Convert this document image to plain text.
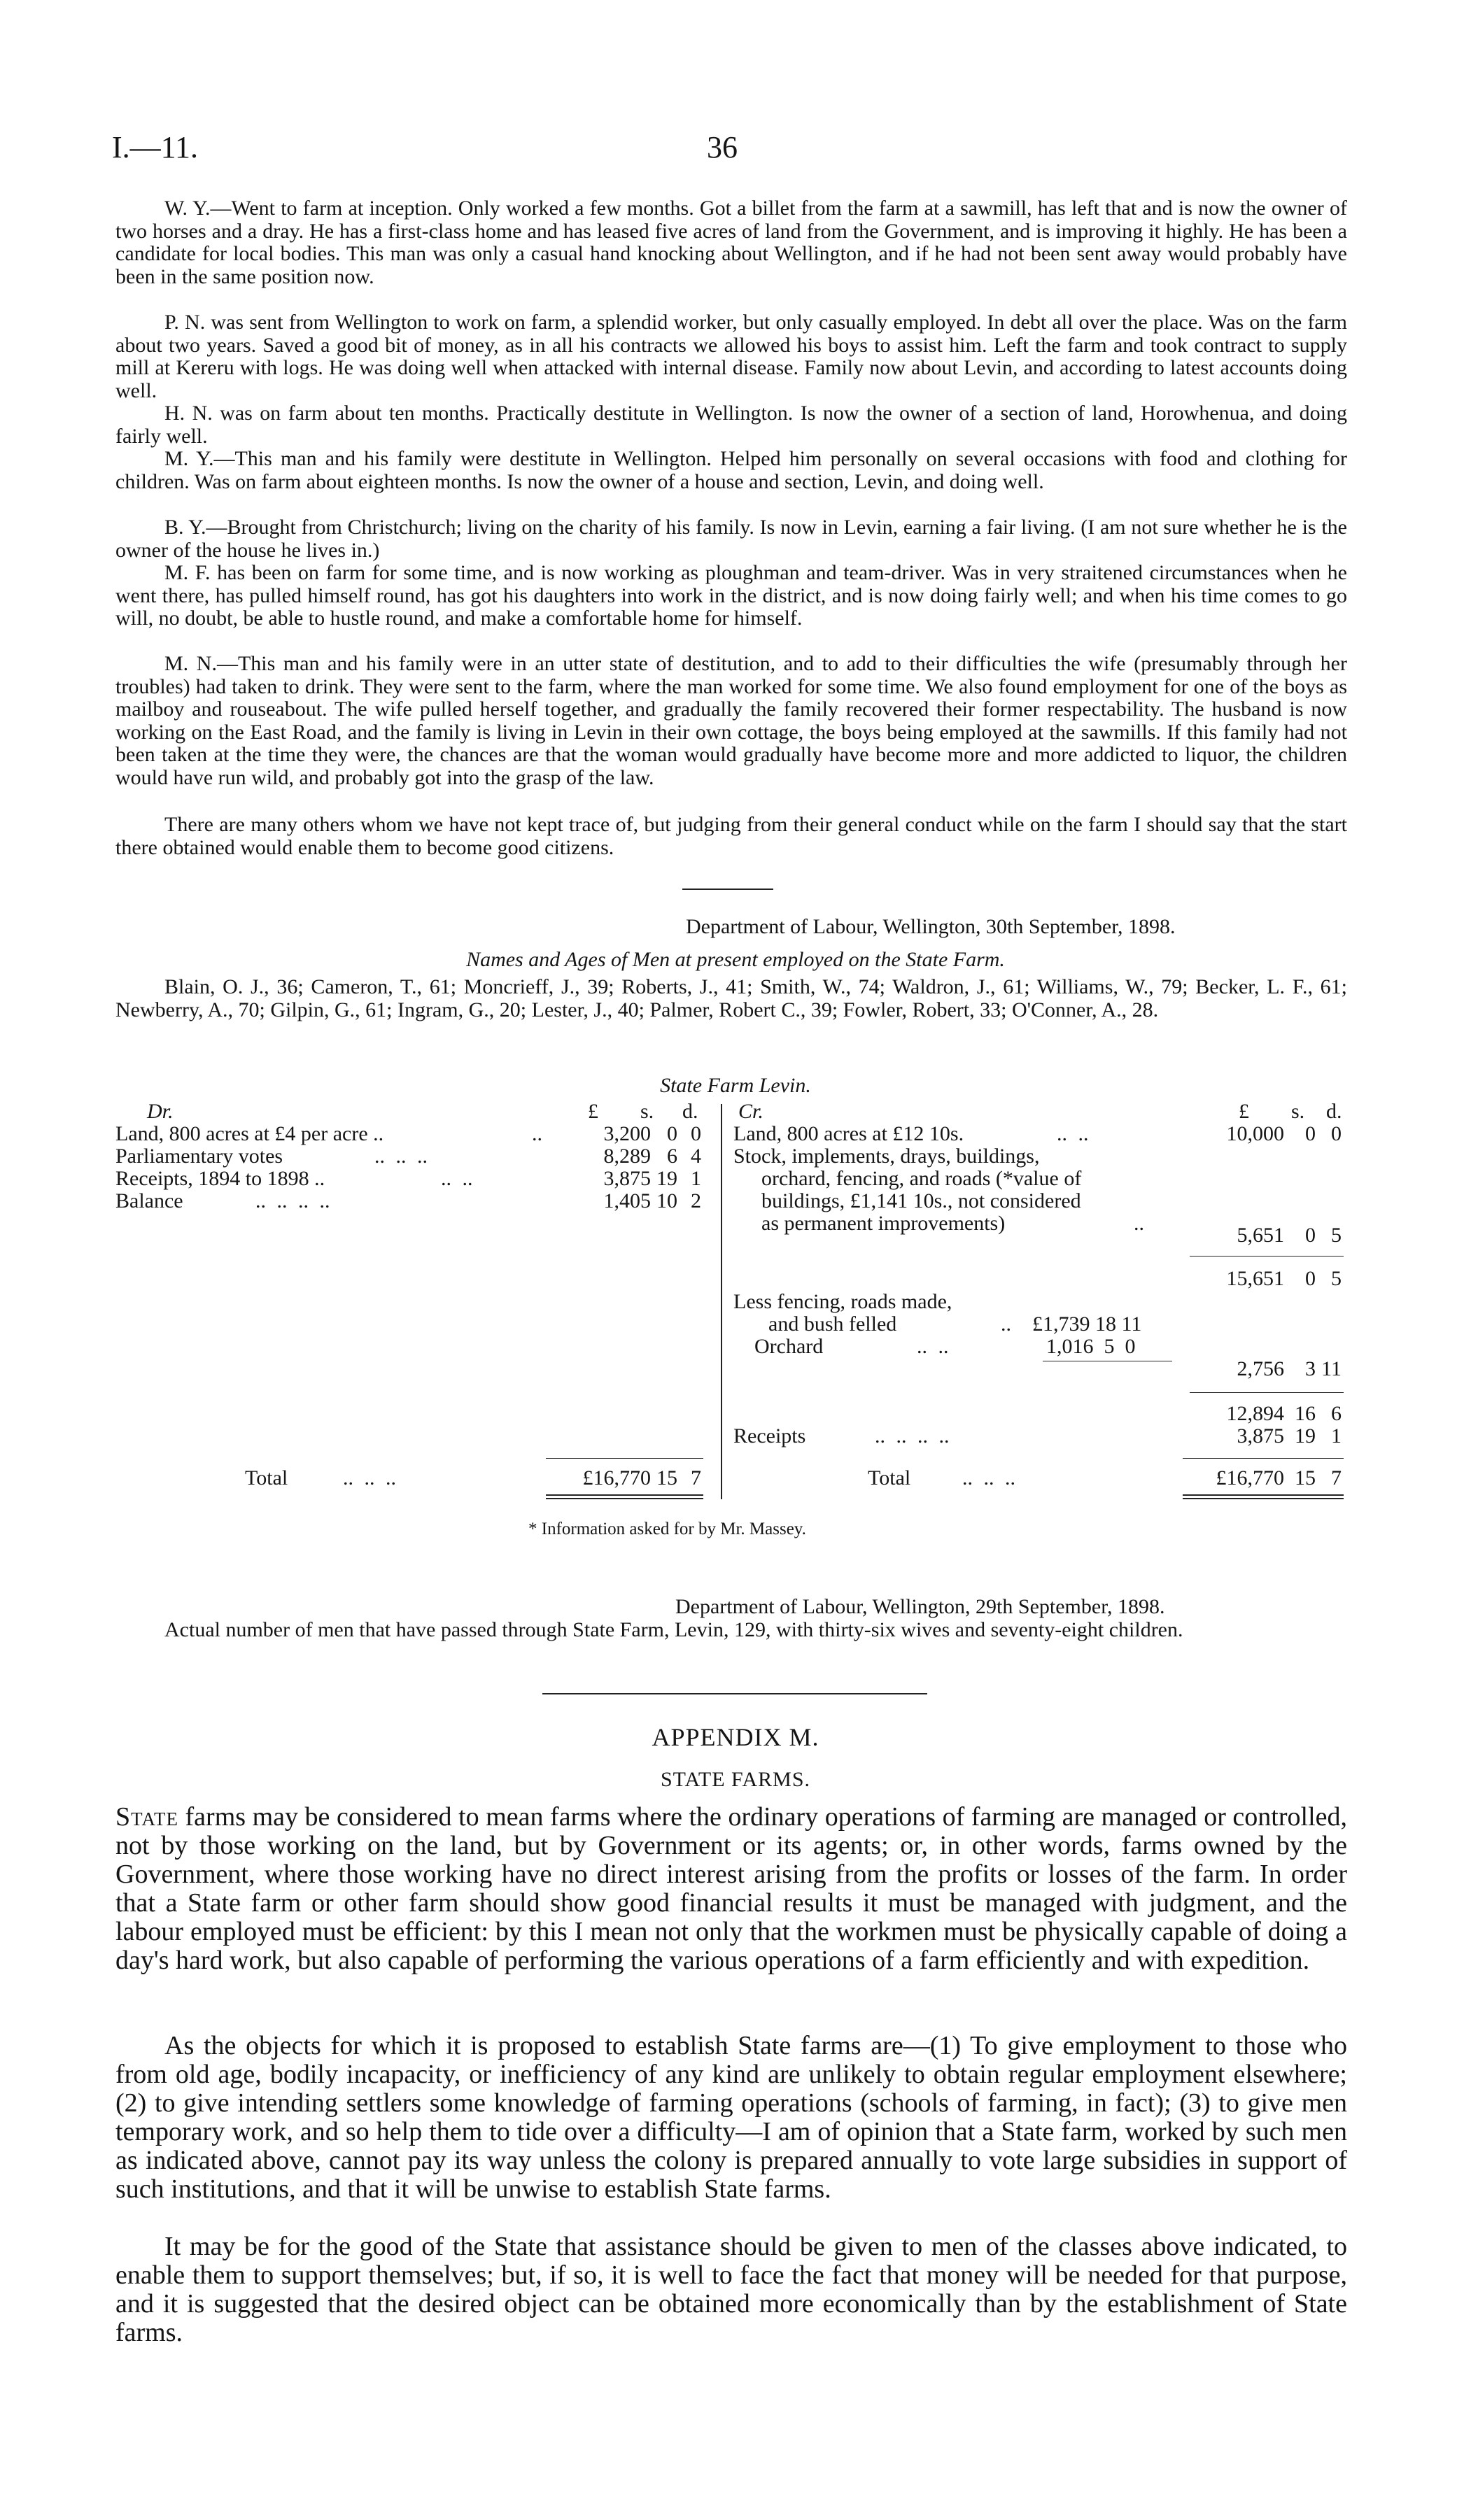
I.—11.	36

W. Y.—Went to farm at inception. Only worked a few months. Got a billet from the farm at a sawmill, has left that and is now the owner of two horses and a dray. He has a first-class home and has leased five acres of land from the Government, and is improving it highly. He has been a candidate for local bodies. This man was only a casual hand knocking about Wellington, and if he had not been sent away would probably have been in the same position now.

P. N. was sent from Wellington to work on farm, a splendid worker, but only casually employed. In debt all over the place. Was on the farm about two years. Saved a good bit of money, as in all his contracts we allowed his boys to assist him. Left the farm and took contract to supply mill at Kereru with logs. He was doing well when attacked with internal disease. Family now about Levin, and according to latest accounts doing well.

H. N. was on farm about ten months. Practically destitute in Wellington. Is now the owner of a section of land, Horowhenua, and doing fairly well.

M. Y.—This man and his family were destitute in Wellington. Helped him personally on several occasions with food and clothing for children. Was on farm about eighteen months. Is now the owner of a house and section, Levin, and doing well.

B. Y.—Brought from Christchurch; living on the charity of his family. Is now in Levin, earning a fair living. (I am not sure whether he is the owner of the house he lives in.)

M. F. has been on farm for some time, and is now working as ploughman and team-driver. Was in very straitened circumstances when he went there, has pulled himself round, has got his daughters into work in the district, and is now doing fairly well; and when his time comes to go will, no doubt, be able to hustle round, and make a comfortable home for himself.

M. N.—This man and his family were in an utter state of destitution, and to add to their difficulties the wife (presumably through her troubles) had taken to drink. They were sent to the farm, where the man worked for some time. We also found employment for one of the boys as mailboy and rouseabout. The wife pulled herself together, and gradually the family recovered their former respectability. The husband is now working on the East Road, and the family is living in Levin in their own cottage, the boys being employed at the sawmills. If this family had not been taken at the time they were, the chances are that the woman would gradually have become more and more addicted to liquor, the children would have run wild, and probably got into the grasp of the law.

There are many others whom we have not kept trace of, but judging from their general conduct while on the farm I should say that the start there obtained would enable them to become good citizens.

Department of Labour, Wellington, 30th September, 1898.
Names and Ages of Men at present employed on the State Farm.

Blain, O. J., 36; Cameron, T., 61; Moncrieff, J., 39; Roberts, J., 41; Smith, W., 74; Waldron, J., 61; Williams, W., 79; Becker, L. F., 61; Newberry, A., 70; Gilpin, G., 61; Ingram, G., 20; Lester, J., 40; Palmer, Robert C., 39; Fowler, Robert, 33; O'Conner, A., 28.

State Farm Levin.
Dr.	£ s. d.
Land, 800 acres at £4 per acre ..	..	3,200 0 0
Parliamentary votes	.. .. ..	8,289 6 4
Receipts, 1894 to 1898 ..	.. ..	3,875 19 1
Balance	.. .. .. ..	1,405 10 2
Total	.. .. ..	£16,770 15 7
Cr.	£ s. d.
Land, 800 acres at £12 10s.	.. ..	10,000	0 0
Stock, implements, drays, buildings,
orchard, fencing, and roads (*value of
buildings, £1,141 10s., not considered
as permanent improvements)	..
5,651	0 5
15,651	0 5
Less fencing, roads made,
and bush felled	.. £1,739 18 11
Orchard	.. ..	1,016  5  0
2,756	3 11
12,894 16 6
Receipts	.. .. .. ..	3,875 19 1
Total .. .. ..	£16,770 15 7
* Information asked for by Mr. Massey.
Department of Labour, Wellington, 29th September, 1898.

Actual number of men that have passed through State Farm, Levin, 129, with thirty-six wives and seventy-eight children.

APPENDIX M.
STATE FARMS.

State farms may be considered to mean farms where the ordinary operations of farming are managed or controlled, not by those working on the land, but by Government or its agents; or, in other words, farms owned by the Government, where those working have no direct interest arising from the profits or losses of the farm. In order that a State farm or other farm should show good financial results it must be managed with judgment, and the labour employed must be efficient: by this I mean not only that the workmen must be physically capable of doing a day's hard work, but also capable of performing the various operations of a farm efficiently and with expedition.

As the objects for which it is proposed to establish State farms are—(1) To give employment to those who from old age, bodily incapacity, or inefficiency of any kind are unlikely to obtain regular employment elsewhere; (2) to give intending settlers some knowledge of farming operations (schools of farming, in fact); (3) to give men temporary work, and so help them to tide over a difficulty—I am of opinion that a State farm, worked by such men as indicated above, cannot pay its way unless the colony is prepared annually to vote large subsidies in support of such institutions, and that it will be unwise to establish State farms.

It may be for the good of the State that assistance should be given to men of the classes above indicated, to enable them to support themselves; but, if so, it is well to face the fact that money will be needed for that purpose, and it is suggested that the desired object can be obtained more economically than by the establishment of State farms.
